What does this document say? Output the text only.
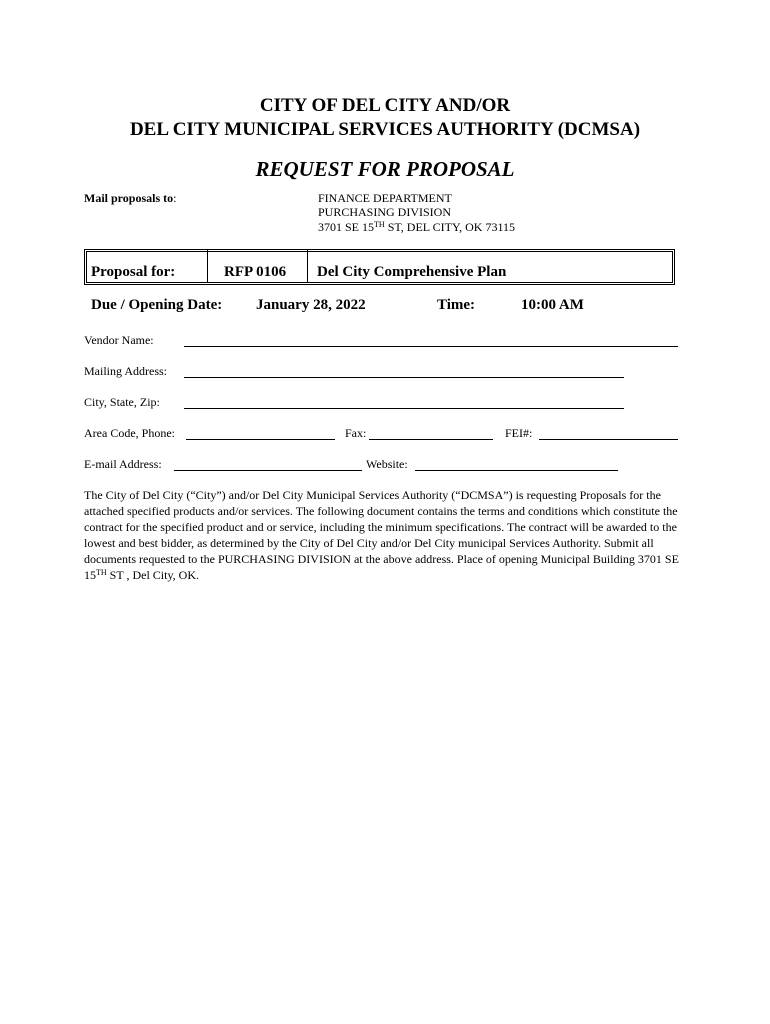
CITY OF DEL CITY AND/OR
DEL CITY MUNICIPAL SERVICES AUTHORITY (DCMSA)
REQUEST FOR PROPOSAL
Mail proposals to:	FINANCE DEPARTMENT
PURCHASING DIVISION
3701 SE 15TH ST, DEL CITY, OK 73115
Proposal for:	RFP 0106 Del City Comprehensive Plan
Due / Opening Date: January 28, 2022	Time:	10:00 AM
Vendor Name:
Mailing Address:
City, State, Zip:
Area Code, Phone:	Fax:	FEI#:
E-mail Address:	Website:
The City of Del City (“City”) and/or Del City Municipal Services Authority (“DCMSA”) is requesting Proposals for the attached specified products and/or services. The following document contains the terms and conditions which constitute the contract for the specified product and or service, including the minimum specifications. The contract will be awarded to the lowest and best bidder, as determined by the City of Del City and/or Del City municipal Services Authority. Submit all documents requested to the PURCHASING DIVISION at the above address. Place of opening Municipal Building 3701 SE 15TH ST , Del City, OK.
